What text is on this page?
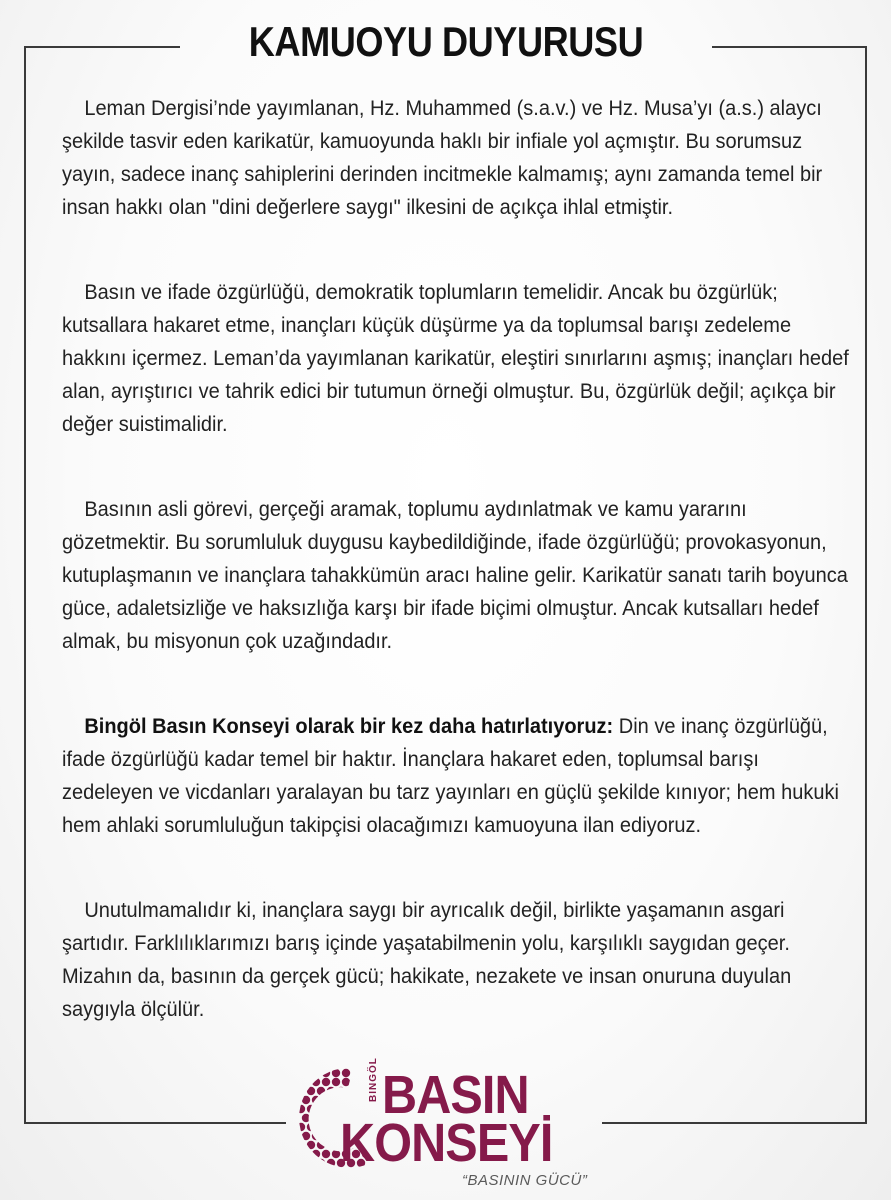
KAMUOYU DUYURUSU

Leman Dergisi’nde yayımlanan, Hz. Muhammed (s.a.v.) ve Hz. Musa’yı (a.s.) alaycı şekilde tasvir eden karikatür, kamuoyunda haklı bir infiale yol açmıştır. Bu sorumsuz yayın, sadece inanç sahiplerini derinden incitmekle kalmamış; aynı zamanda temel bir insan hakkı olan "dini değerlere saygı" ilkesini de açıkça ihlal etmiştir.

Basın ve ifade özgürlüğü, demokratik toplumların temelidir. Ancak bu özgürlük; kutsallara hakaret etme, inançları küçük düşürme ya da toplumsal barışı zedeleme hakkını içermez. Leman’da yayımlanan karikatür, eleştiri sınırlarını aşmış; inançları hedef alan, ayrıştırıcı ve tahrik edici bir tutumun örneği olmuştur. Bu, özgürlük değil; açıkça bir değer suistimalidir.

Basının asli görevi, gerçeği aramak, toplumu aydınlatmak ve kamu yararını gözetmektir. Bu sorumluluk duygusu kaybedildiğinde, ifade özgürlüğü; provokasyonun, kutuplaşmanın ve inançlara tahakkümün aracı haline gelir. Karikatür sanatı tarih boyunca güce, adaletsizliğe ve haksızlığa karşı bir ifade biçimi olmuştur. Ancak kutsalları hedef almak, bu misyonun çok uzağındadır.

Bingöl Basın Konseyi olarak bir kez daha hatırlatıyoruz: Din ve inanç özgürlüğü, ifade özgürlüğü kadar temel bir haktır. İnançlara hakaret eden, toplumsal barışı zedeleyen ve vicdanları yaralayan bu tarz yayınları en güçlü şekilde kınıyor; hem hukuki hem ahlaki sorumluluğun takipçisi olacağımızı kamuoyuna ilan ediyoruz.

Unutulmamalıdır ki, inançlara saygı bir ayrıcalık değil, birlikte yaşamanın asgari şartıdır. Farklılıklarımızı barış içinde yaşatabilmenin yolu, karşılıklı saygıdan geçer. Mizahın da, basının da gerçek gücü; hakikate, nezakete ve insan onuruna duyulan saygıyla ölçülür.

BINGÖL BASIN
KONSEYİ
“BASININ GÜCÜ”
